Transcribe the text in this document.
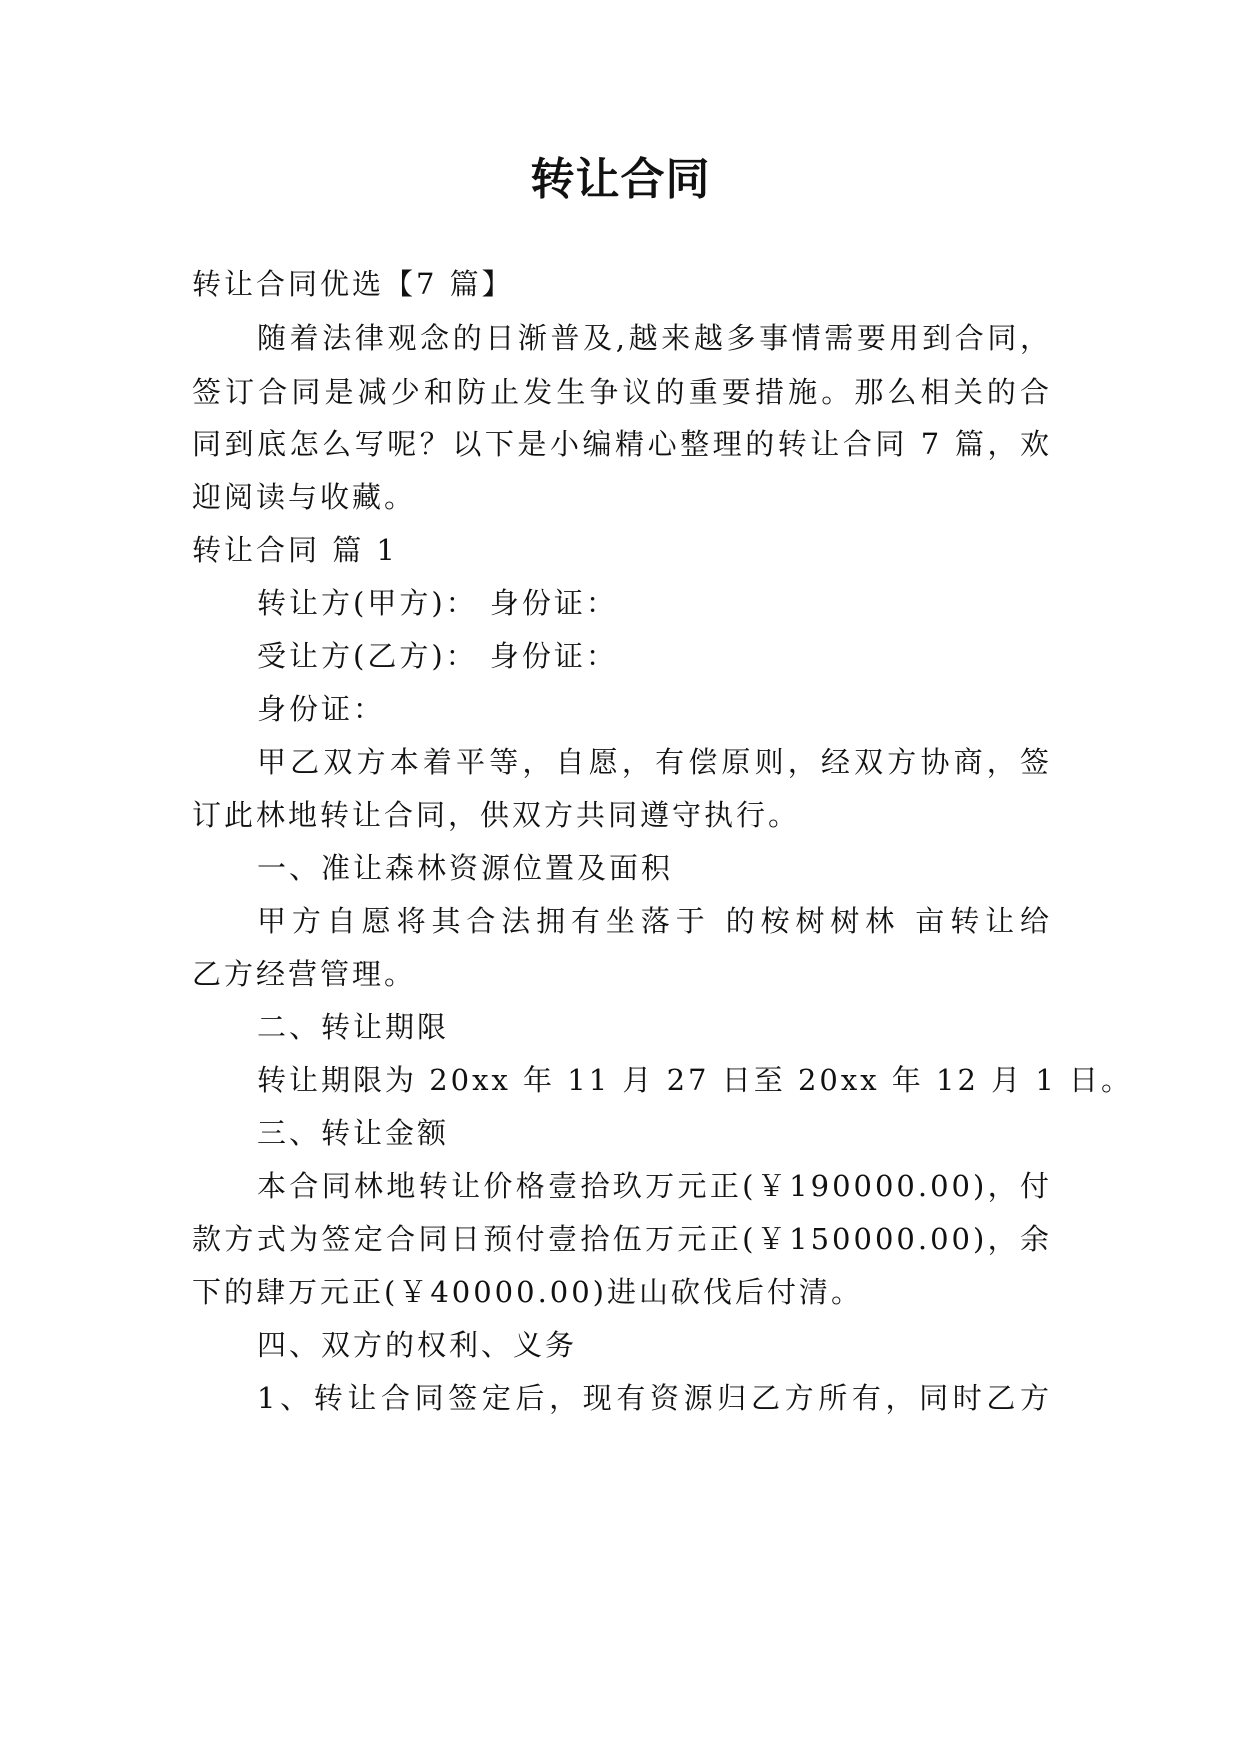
转让合同
转让合同优选【7 篇】
随着法律观念的日渐普及,越来越多事情需要用到合同，
签订合同是减少和防止发生争议的重要措施。那么相关的合
同到底怎么写呢？以下是小编精心整理的转让合同 7 篇，欢
迎阅读与收藏。
转让合同 篇 1
转让方(甲方)： 身份证：
受让方(乙方)： 身份证：
身份证：
甲乙双方本着平等，自愿，有偿原则，经双方协商，签
订此林地转让合同，供双方共同遵守执行。
一、准让森林资源位置及面积
甲方自愿将其合法拥有坐落于 的桉树树林 亩转让给
乙方经营管理。
二、转让期限
转让期限为 20xx 年 11 月 27 日至 20xx 年 12 月 1 日。
三、转让金额
本合同林地转让价格壹拾玖万元正(￥190000.00)，付
款方式为签定合同日预付壹拾伍万元正(￥150000.00)，余
下的肆万元正(￥40000.00)进山砍伐后付清。
四、双方的权利、义务
1、转让合同签定后，现有资源归乙方所有，同时乙方
